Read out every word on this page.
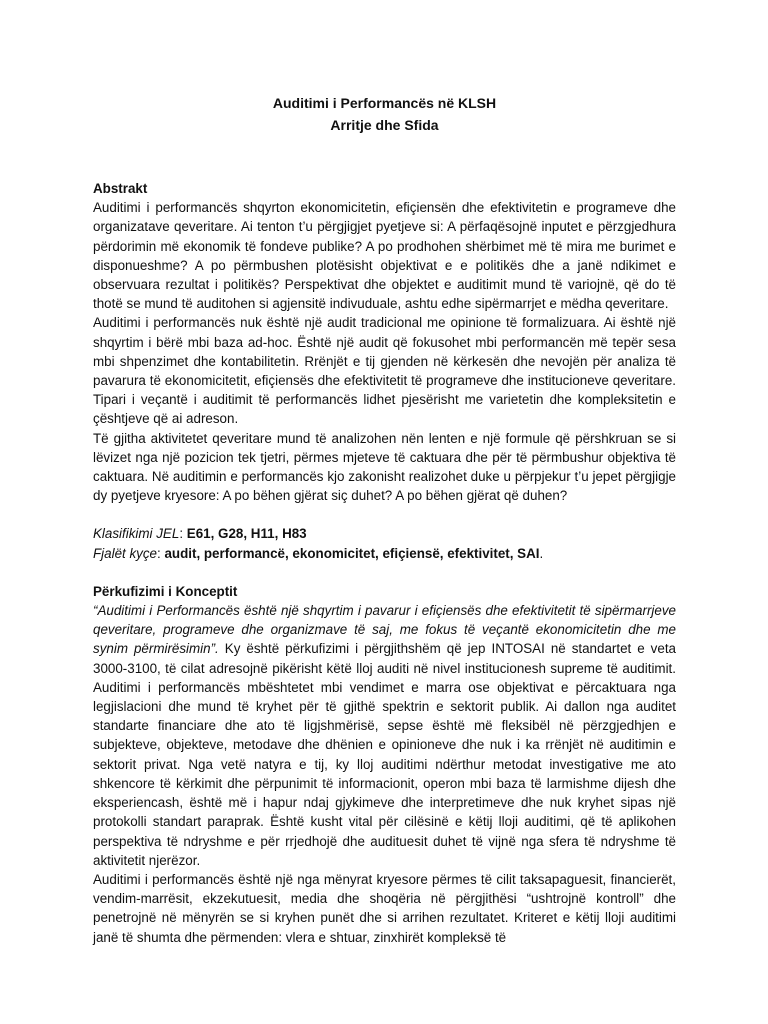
Auditimi i Performancës në KLSH
Arritje dhe Sfida
Abstrakt

Auditimi i performancës shqyrton ekonomicitetin, efiçiensën dhe efektivitetin e programeve dhe organizatave qeveritare. Ai tenton t’u përgjigjet pyetjeve si: A përfaqësojnë inputet e përzgjedhura përdorimin më ekonomik të fondeve publike? A po prodhohen shërbimet më të mira me burimet e disponueshme? A po përmbushen plotësisht objektivat e e politikës dhe a janë ndikimet e observuara rezultat i politikës? Perspektivat dhe objektet e auditimit mund të variojnë, që do të thotë se mund të auditohen si agjensitë indivuduale, ashtu edhe sipërmarrjet e mëdha qeveritare.

Auditimi i performancës nuk është një audit tradicional me opinione të formalizuara. Ai është një shqyrtim i bërë mbi baza ad-hoc. Është një audit që fokusohet mbi performancën më tepër sesa mbi shpenzimet dhe kontabilitetin. Rrënjët e tij gjenden në kërkesën dhe nevojën për analiza të pavarura të ekonomicitetit, efiçiensës dhe efektivitetit të programeve dhe institucioneve qeveritare. Tipari i veçantë i auditimit të performancës lidhet pjesërisht me varietetin dhe kompleksitetin e çështjeve që ai adreson.

Të gjitha aktivitetet qeveritare mund të analizohen nën lenten e një formule që përshkruan se si lëvizet nga një pozicion tek tjetri, përmes mjeteve të caktuara dhe për të përmbushur objektiva të caktuara. Në auditimin e performancës kjo zakonisht realizohet duke u përpjekur t’u jepet përgjigje dy pyetjeve kryesore: A po bëhen gjërat siç duhet? A po bëhen gjërat që duhen?

Klasifikimi JEL: E61, G28, H11, H83
Fjalët kyçe: audit, performancë, ekonomicitet, efiçiensë, efektivitet, SAI.
Përkufizimi i Konceptit

“Auditimi i Performancës është një shqyrtim i pavarur i efiçiensës dhe efektivitetit të sipërmarrjeve qeveritare, programeve dhe organizmave të saj, me fokus të veçantë ekonomicitetin dhe me synim përmirësimin”. Ky është përkufizimi i përgjithshëm që jep INTOSAI në standartet e veta 3000-3100, të cilat adresojnë pikërisht këtë lloj auditi në nivel institucionesh supreme të auditimit. Auditimi i performancës mbështetet mbi vendimet e marra ose objektivat e përcaktuara nga legjislacioni dhe mund të kryhet për të gjithë spektrin e sektorit publik. Ai dallon nga auditet standarte financiare dhe ato të ligjshmërisë, sepse është më fleksibël në përzgjedhjen e subjekteve, objekteve, metodave dhe dhënien e opinioneve dhe nuk i ka rrënjët në auditimin e sektorit privat. Nga vetë natyra e tij, ky lloj auditimi ndërthur metodat investigative me ato shkencore të kërkimit dhe përpunimit të informacionit, operon mbi baza të larmishme dijesh dhe eksperiencash, është më i hapur ndaj gjykimeve dhe interpretimeve dhe nuk kryhet sipas një protokolli standart paraprak. Është kusht vital për cilësinë e këtij lloji auditimi, që të aplikohen perspektiva të ndryshme e për rrjedhojë dhe audituesit duhet të vijnë nga sfera të ndryshme të aktivitetit njerëzor.

Auditimi i performancës është një nga mënyrat kryesore përmes të cilit taksapaguesit, financierët, vendim-marrësit, ekzekutuesit, media dhe shoqëria në përgjithësi “ushtrojnë kontroll” dhe penetrojnë në mënyrën se si kryhen punët dhe si arrihen rezultatet. Kriteret e këtij lloji auditimi janë të shumta dhe përmenden: vlera e shtuar, zinxhirët kompleksë të
